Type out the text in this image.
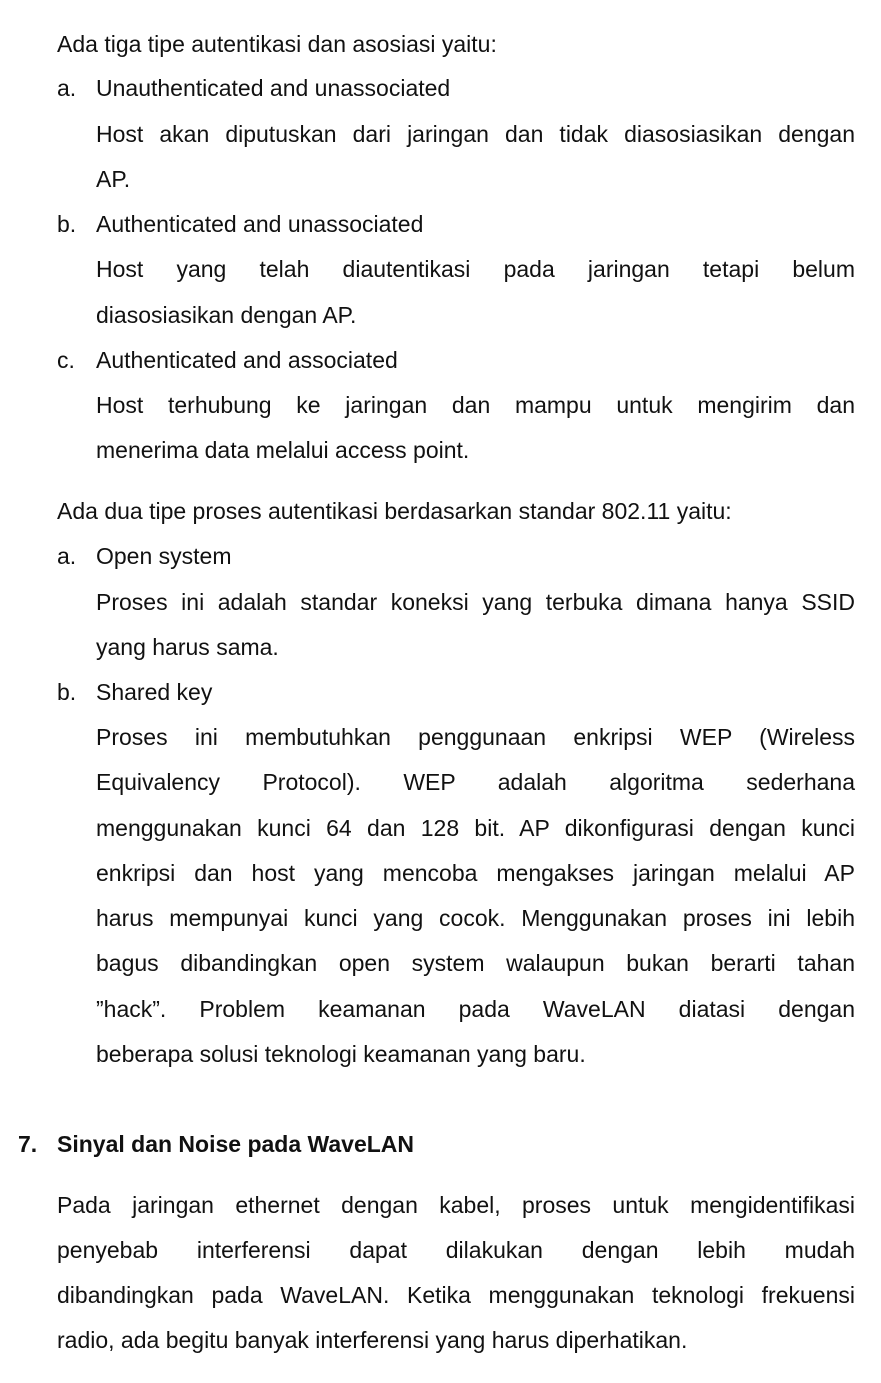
Ada tiga tipe autentikasi dan asosiasi yaitu:
a. Unauthenticated and unassociated
Host akan diputuskan dari jaringan dan tidak diasosiasikan dengan
AP.
b. Authenticated and unassociated
Host yang telah diautentikasi pada jaringan tetapi belum
diasosiasikan dengan AP.
c. Authenticated and associated
Host terhubung ke jaringan dan mampu untuk mengirim dan
menerima data melalui access point.
Ada dua tipe proses autentikasi berdasarkan standar 802.11 yaitu:
a. Open system
Proses ini adalah standar koneksi yang terbuka dimana hanya SSID
yang harus sama.
b. Shared key
Proses ini membutuhkan penggunaan enkripsi WEP (Wireless
Equivalency Protocol). WEP adalah algoritma sederhana
menggunakan kunci 64 dan 128 bit. AP dikonfigurasi dengan kunci
enkripsi dan host yang mencoba mengakses jaringan melalui AP
harus mempunyai kunci yang cocok. Menggunakan proses ini lebih
bagus dibandingkan open system walaupun bukan berarti tahan
”hack”. Problem keamanan pada WaveLAN diatasi dengan
beberapa solusi teknologi keamanan yang baru.
7. Sinyal dan Noise pada WaveLAN
Pada jaringan ethernet dengan kabel, proses untuk mengidentifikasi
penyebab interferensi dapat dilakukan dengan lebih mudah
dibandingkan pada WaveLAN. Ketika menggunakan teknologi frekuensi
radio, ada begitu banyak interferensi yang harus diperhatikan.
